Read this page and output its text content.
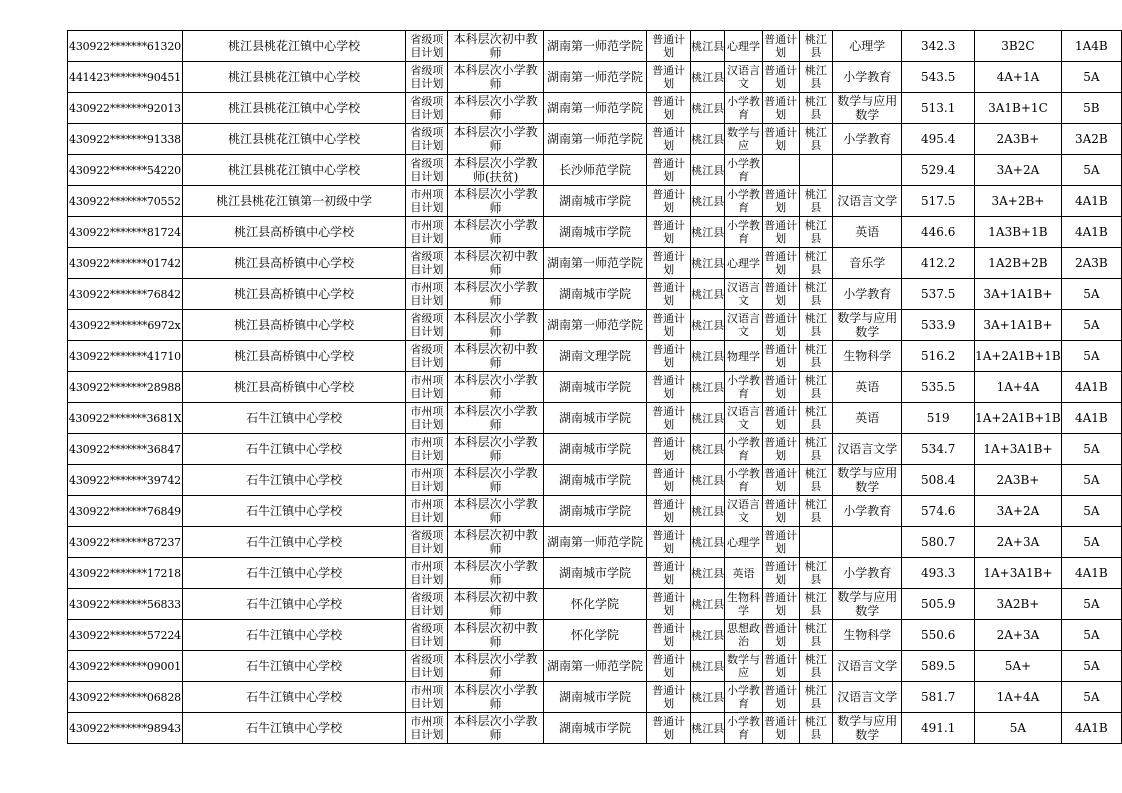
430922*******61320	桃江县桃花江镇中心学校	省级项目计划	本科层次初中教师	湖南第一师范学院	普通计划	桃江县	心理学	普通计划	桃江县	心理学	342.3	3B2C	1A4B
441423*******90451	桃江县桃花江镇中心学校	省级项目计划	本科层次小学教师	湖南第一师范学院	普通计划	桃江县	汉语言文	普通计划	桃江县	小学教育	543.5	4A+1A	5A
430922*******92013	桃江县桃花江镇中心学校	省级项目计划	本科层次小学教师	湖南第一师范学院	普通计划	桃江县	小学教育	普通计划	桃江县	数学与应用数学	513.1	3A1B+1C	5B
430922*******91338	桃江县桃花江镇中心学校	省级项目计划	本科层次小学教师	湖南第一师范学院	普通计划	桃江县	数学与应	普通计划	桃江县	小学教育	495.4	2A3B+	3A2B
430922*******54220	桃江县桃花江镇中心学校	省级项目计划	本科层次小学教师(扶贫)	长沙师范学院	普通计划	桃江县	小学教育				529.4	3A+2A	5A
430922*******70552	桃江县桃花江镇第一初级中学	市州项目计划	本科层次小学教师	湖南城市学院	普通计划	桃江县	小学教育	普通计划	桃江县	汉语言文学	517.5	3A+2B+	4A1B
430922*******81724	桃江县高桥镇中心学校	市州项目计划	本科层次小学教师	湖南城市学院	普通计划	桃江县	小学教育	普通计划	桃江县	英语	446.6	1A3B+1B	4A1B
430922*******01742	桃江县高桥镇中心学校	省级项目计划	本科层次初中教师	湖南第一师范学院	普通计划	桃江县	心理学	普通计划	桃江县	音乐学	412.2	1A2B+2B	2A3B
430922*******76842	桃江县高桥镇中心学校	市州项目计划	本科层次小学教师	湖南城市学院	普通计划	桃江县	汉语言文	普通计划	桃江县	小学教育	537.5	3A+1A1B+	5A
430922*******6972x	桃江县高桥镇中心学校	省级项目计划	本科层次小学教师	湖南第一师范学院	普通计划	桃江县	汉语言文	普通计划	桃江县	数学与应用数学	533.9	3A+1A1B+	5A
430922*******41710	桃江县高桥镇中心学校	省级项目计划	本科层次初中教师	湖南文理学院	普通计划	桃江县	物理学	普通计划	桃江县	生物科学	516.2	1A+2A1B+1B	5A
430922*******28988	桃江县高桥镇中心学校	市州项目计划	本科层次小学教师	湖南城市学院	普通计划	桃江县	小学教育	普通计划	桃江县	英语	535.5	1A+4A	4A1B
430922*******3681X	石牛江镇中心学校	市州项目计划	本科层次小学教师	湖南城市学院	普通计划	桃江县	汉语言文	普通计划	桃江县	英语	519	1A+2A1B+1B	4A1B
430922*******36847	石牛江镇中心学校	市州项目计划	本科层次小学教师	湖南城市学院	普通计划	桃江县	小学教育	普通计划	桃江县	汉语言文学	534.7	1A+3A1B+	5A
430922*******39742	石牛江镇中心学校	市州项目计划	本科层次小学教师	湖南城市学院	普通计划	桃江县	小学教育	普通计划	桃江县	数学与应用数学	508.4	2A3B+	5A
430922*******76849	石牛江镇中心学校	市州项目计划	本科层次小学教师	湖南城市学院	普通计划	桃江县	汉语言文	普通计划	桃江县	小学教育	574.6	3A+2A	5A
430922*******87237	石牛江镇中心学校	省级项目计划	本科层次初中教师	湖南第一师范学院	普通计划	桃江县	心理学	普通计划			580.7	2A+3A	5A
430922*******17218	石牛江镇中心学校	市州项目计划	本科层次小学教师	湖南城市学院	普通计划	桃江县	英语	普通计划	桃江县	小学教育	493.3	1A+3A1B+	4A1B
430922*******56833	石牛江镇中心学校	省级项目计划	本科层次初中教师	怀化学院	普通计划	桃江县	生物科学	普通计划	桃江县	数学与应用数学	505.9	3A2B+	5A
430922*******57224	石牛江镇中心学校	省级项目计划	本科层次初中教师	怀化学院	普通计划	桃江县	思想政治	普通计划	桃江县	生物科学	550.6	2A+3A	5A
430922*******09001	石牛江镇中心学校	省级项目计划	本科层次小学教师	湖南第一师范学院	普通计划	桃江县	数学与应	普通计划	桃江县	汉语言文学	589.5	5A+	5A
430922*******06828	石牛江镇中心学校	市州项目计划	本科层次小学教师	湖南城市学院	普通计划	桃江县	小学教育	普通计划	桃江县	汉语言文学	581.7	1A+4A	5A
430922*******98943	石牛江镇中心学校	市州项目计划	本科层次小学教师	湖南城市学院	普通计划	桃江县	小学教育	普通计划	桃江县	数学与应用数学	491.1	5A	4A1B
